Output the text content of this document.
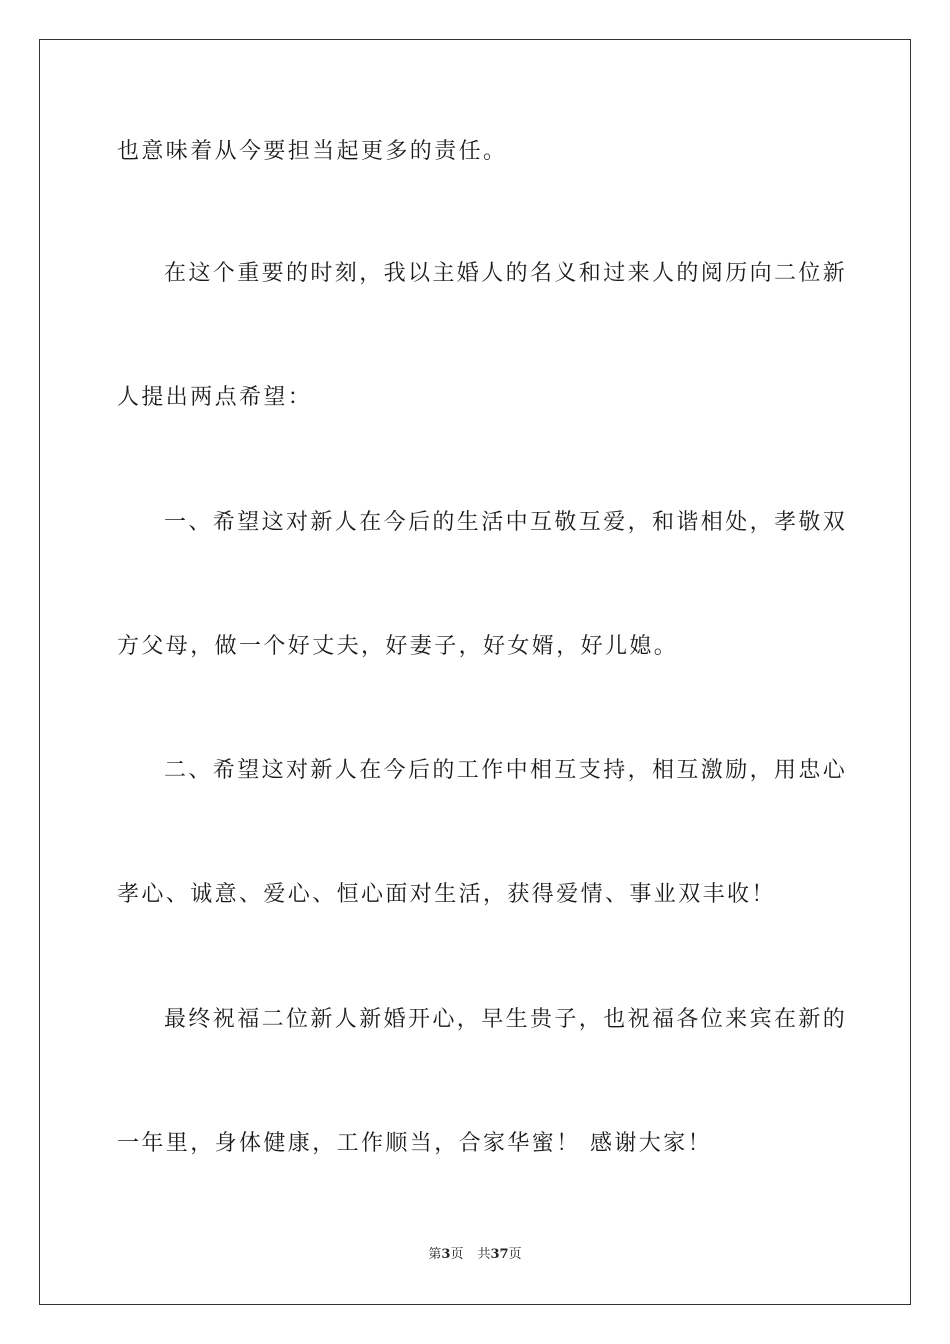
也意味着从今要担当起更多的责任。
在这个重要的时刻，我以主婚人的名义和过来人的阅历向二位新
人提出两点希望：
一、希望这对新人在今后的生活中互敬互爱，和谐相处，孝敬双
方父母，做一个好丈夫，好妻子，好女婿，好儿媳。
二、希望这对新人在今后的工作中相互支持，相互激励，用忠心
孝心、诚意、爱心、恒心面对生活，获得爱情、事业双丰收！
最终祝福二位新人新婚开心，早生贵子，也祝福各位来宾在新的
一年里，身体健康，工作顺当，合家华蜜！ 感谢大家！
第3页 共37页
